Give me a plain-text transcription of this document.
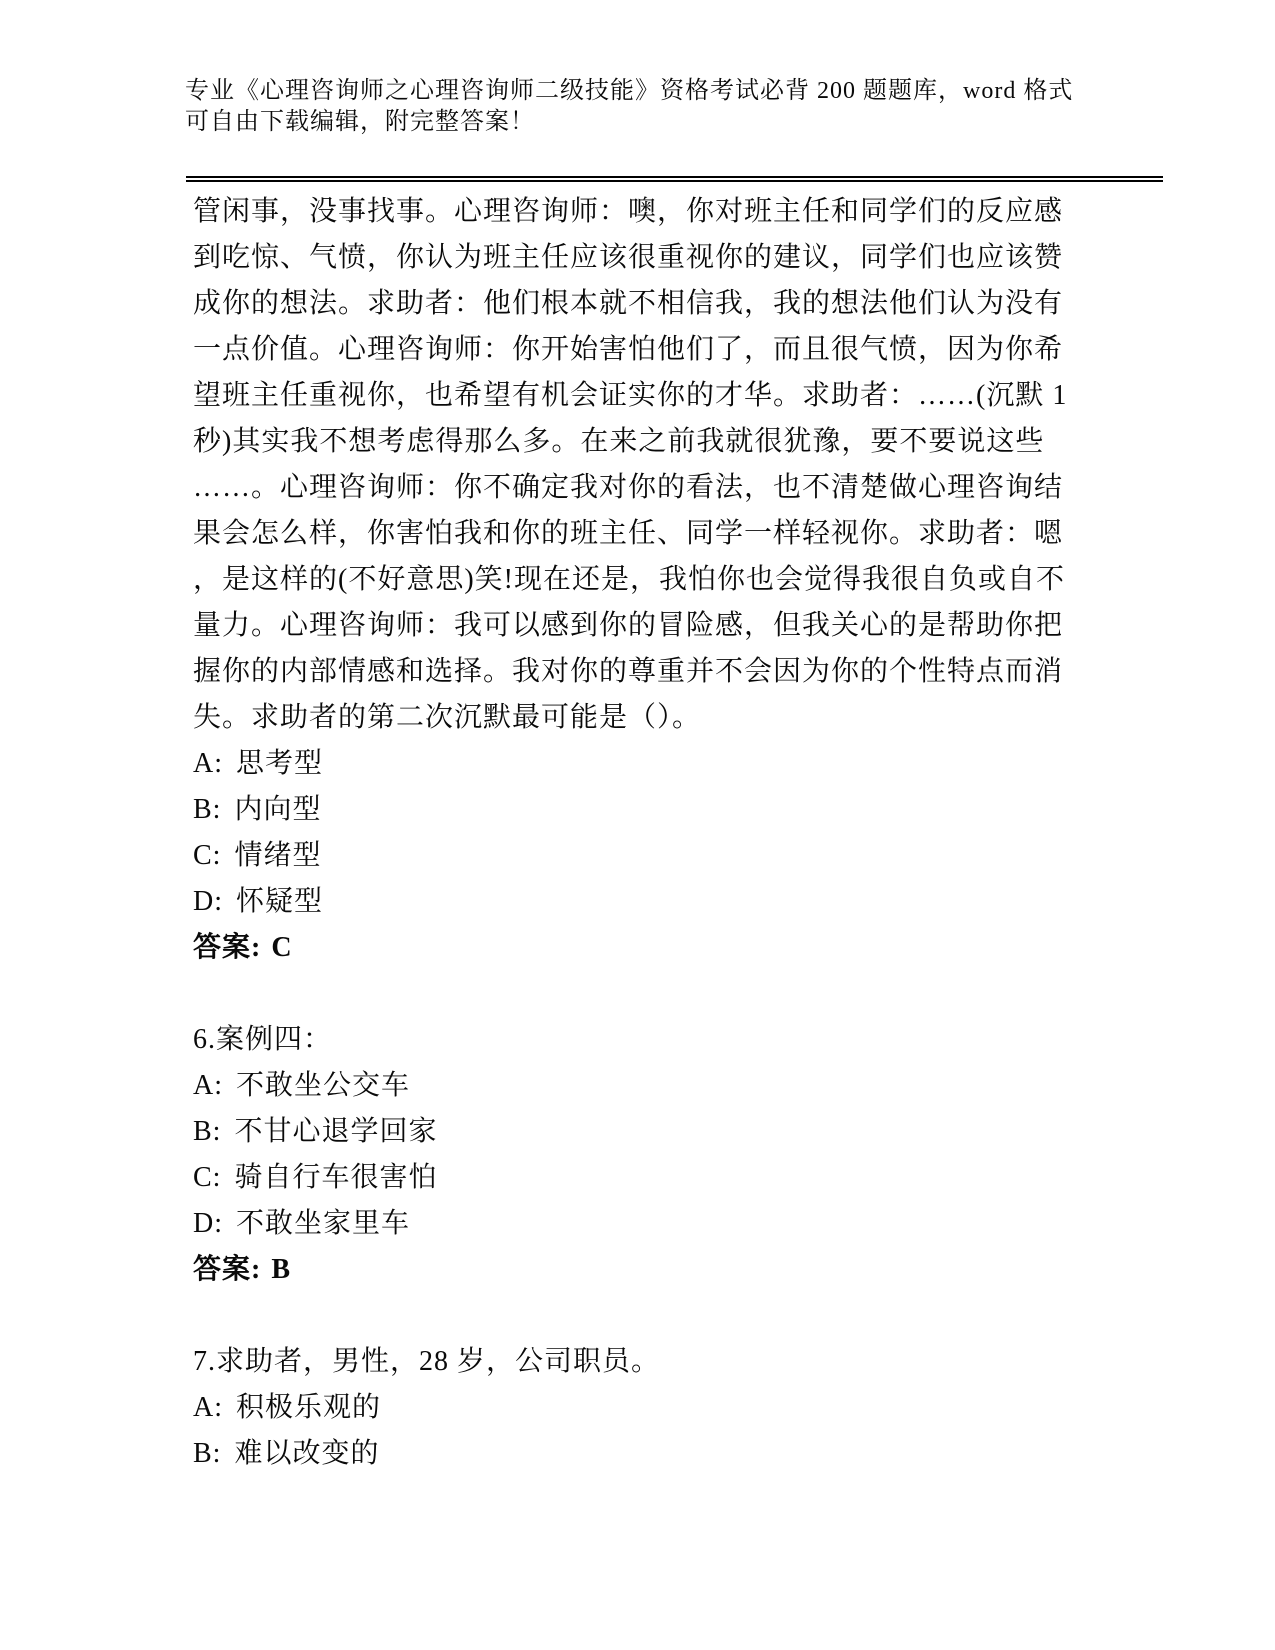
专业《心理咨询师之心理咨询师二级技能》资格考试必背 200 题题库，word 格式
可自由下载编辑，附完整答案！
管闲事，没事找事。心理咨询师：噢，你对班主任和同学们的反应感
到吃惊、气愤，你认为班主任应该很重视你的建议，同学们也应该赞
成你的想法。求助者：他们根本就不相信我，我的想法他们认为没有
一点价值。心理咨询师：你开始害怕他们了，而且很气愤，因为你希
望班主任重视你，也希望有机会证实你的才华。求助者：……(沉默 1
秒)其实我不想考虑得那么多。在来之前我就很犹豫，要不要说这些
……。心理咨询师：你不确定我对你的看法，也不清楚做心理咨询结
果会怎么样，你害怕我和你的班主任、同学一样轻视你。求助者：嗯
，是这样的(不好意思)笑!现在还是，我怕你也会觉得我很自负或自不
量力。心理咨询师：我可以感到你的冒险感，但我关心的是帮助你把
握你的内部情感和选择。我对你的尊重并不会因为你的个性特点而消
失。求助者的第二次沉默最可能是（）。
A: 思考型
B: 内向型
C: 情绪型
D: 怀疑型
答案: C
6.案例四：
A: 不敢坐公交车
B: 不甘心退学回家
C: 骑自行车很害怕
D: 不敢坐家里车
答案: B
7.求助者，男性，28 岁，公司职员。
A: 积极乐观的
B: 难以改变的
